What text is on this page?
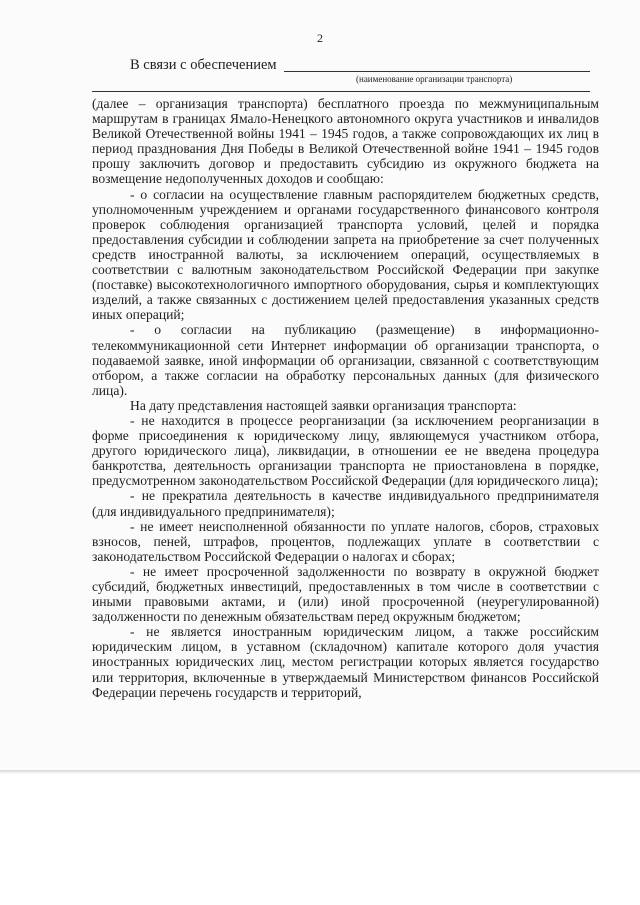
2
В связи с обеспечением
(наименование организации транспорта)

(далее – организация транспорта) бесплатного проезда по межмуниципальным маршрутам в границах Ямало-Ненецкого автономного округа участников и инвалидов Великой Отечественной войны 1941 – 1945 годов, а также сопровождающих их лиц в период празднования Дня Победы в Великой Отечественной войне 1941 – 1945 годов прошу заключить договор и предоставить субсидию из окружного бюджета на возмещение недополученных доходов и сообщаю:

- о согласии на осуществление главным распорядителем бюджетных средств, уполномоченным учреждением и органами государственного финансового контроля проверок соблюдения организацией транспорта условий, целей и порядка предоставления субсидии и соблюдении запрета на приобретение за счет полученных средств иностранной валюты, за исключением операций, осуществляемых в соответствии с валютным законодательством Российской Федерации при закупке (поставке) высокотехнологичного импортного оборудования, сырья и комплектующих изделий, а также связанных с достижением целей предоставления указанных средств иных операций;

- о согласии на публикацию (размещение) в информационно-телекоммуникационной сети Интернет информации об организации транспорта, о подаваемой заявке, иной информации об организации, связанной с соответствующим отбором, а также согласии на обработку персональных данных (для физического лица).

На дату представления настоящей заявки организация транспорта:

- не находится в процессе реорганизации (за исключением реорганизации в форме присоединения к юридическому лицу, являющемуся участником отбора, другого юридического лица), ликвидации, в отношении ее не введена процедура банкротства, деятельность организации транспорта не приостановлена в порядке, предусмотренном законодательством Российской Федерации (для юридического лица);

- не прекратила деятельность в качестве индивидуального предпринимателя (для индивидуального предпринимателя);

- не имеет неисполненной обязанности по уплате налогов, сборов, страховых взносов, пеней, штрафов, процентов, подлежащих уплате в соответствии с законодательством Российской Федерации о налогах и сборах;

- не имеет просроченной задолженности по возврату в окружной бюджет субсидий, бюджетных инвестиций, предоставленных в том числе в соответствии с иными правовыми актами, и (или) иной просроченной (неурегулированной) задолженности по денежным обязательствам перед окружным бюджетом;

- не является иностранным юридическим лицом, а также российским юридическим лицом, в уставном (складочном) капитале которого доля участия иностранных юридических лиц, местом регистрации которых является государство или территория, включенные в утверждаемый Министерством финансов Российской Федерации перечень государств и территорий,
